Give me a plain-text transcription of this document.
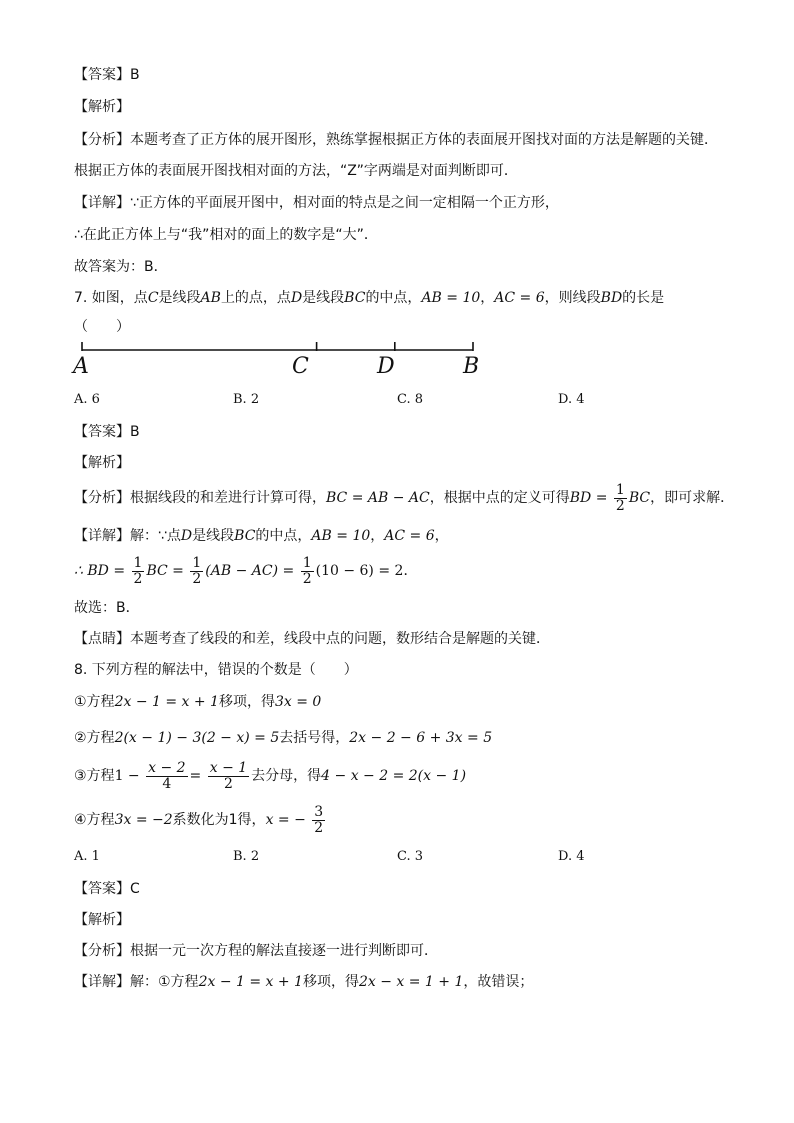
【答案】B
【解析】
【分析】本题考查了正方体的展开图形，熟练掌握根据正方体的表面展开图找对面的方法是解题的关键．
根据正方体的表面展开图找相对面的方法，“Z”字两端是对面判断即可．
【详解】∵正方体的平面展开图中，相对面的特点是之间一定相隔一个正方形，
∴在此正方体上与“我”相对的面上的数字是“大”．
故答案为：B．
7. 如图，点C是线段AB上的点，点D是线段BC的中点，AB = 10，AC = 6，则线段BD的长是
（　　）
A	C	D	B
A. 6	B. 2	C. 8	D. 4
【答案】B
【解析】
【分析】根据线段的和差进行计算可得，BC = AB − AC，根据中点的定义可得BD = $\frac{1}{2}$ BC，即可求解．
【详解】解：∵点D是线段BC的中点，AB = 10，AC = 6，
∴ BD = $\frac{1}{2}$ BC = $\frac{1}{2} (AB - AC) = \frac{1}{2} (10 - 6) = 2$．
故选：B．
【点睛】本题考查了线段的和差，线段中点的问题，数形结合是解题的关键．
8. 下列方程的解法中，错误的个数是（　　）
①方程2x − 1 = x + 1移项，得3x = 0
②方程2(x − 1) − 3(2 − x) = 5去括号得，2x − 2 − 6 + 3x = 5
③方程$1 - \frac{x - 2}{4} = \frac{x - 1}{2}$ 去分母，得4 − x − 2 = 2(x − 1)
④方程3x = −2系数化为1得，x = − $\frac{3}{2}$
A. 1	B. 2	C. 3	D. 4
【答案】C
【解析】
【分析】根据一元一次方程的解法直接逐一进行判断即可．
【详解】解：①方程2x − 1 = x + 1移项，得2x − x = 1 + 1，故错误；
